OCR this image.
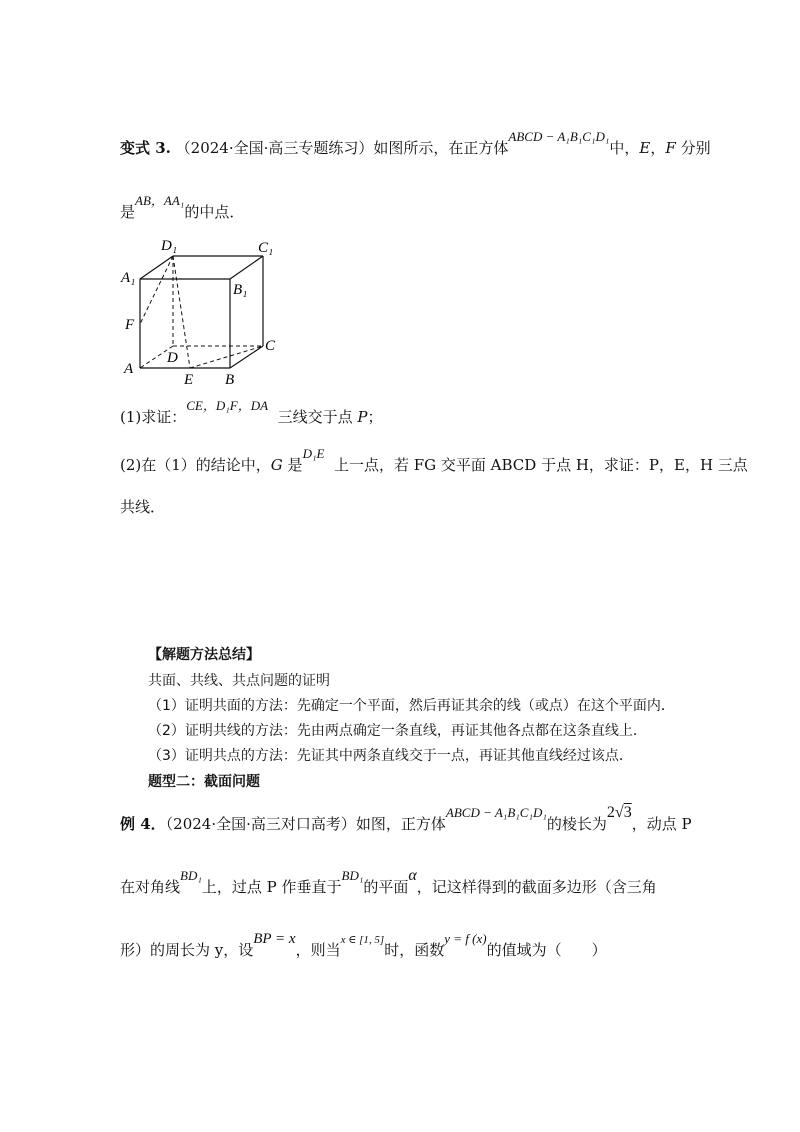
变式 3. （2024·全国·高三专题练习）如图所示，在正方体ABCD − A₁B₁C₁D₁中，E，F 分别
是AB，AA₁的中点．
D₁	C₁
A₁
B₁
F
D
C
A
E B
(1)求证：CE，D₁F，DA  三线交于点 P；
(2)在（1）的结论中，G 是D₁E  上一点，若 FG 交平面 ABCD 于点 H，求证：P，E，H 三点
共线．
【解题方法总结】
共面、共线、共点问题的证明
（1）证明共面的方法：先确定一个平面，然后再证其余的线（或点）在这个平面内．
（2）证明共线的方法：先由两点确定一条直线，再证其他各点都在这条直线上．
（3）证明共点的方法：先证其中两条直线交于一点，再证其他直线经过该点．
题型二：截面问题
例 4．（2024·全国·高三对口高考）如图，正方体ABCD − A₁B₁C₁D₁的棱长为2√3，动点 P
在对角线BD₁上，过点 P 作垂直于BD₁的平面α，记这样得到的截面多边形（含三角
形）的周长为 y，设BP = x，则当$^{x \in [1, 5]}$时，函数y = f (x)的值域为（　　）
